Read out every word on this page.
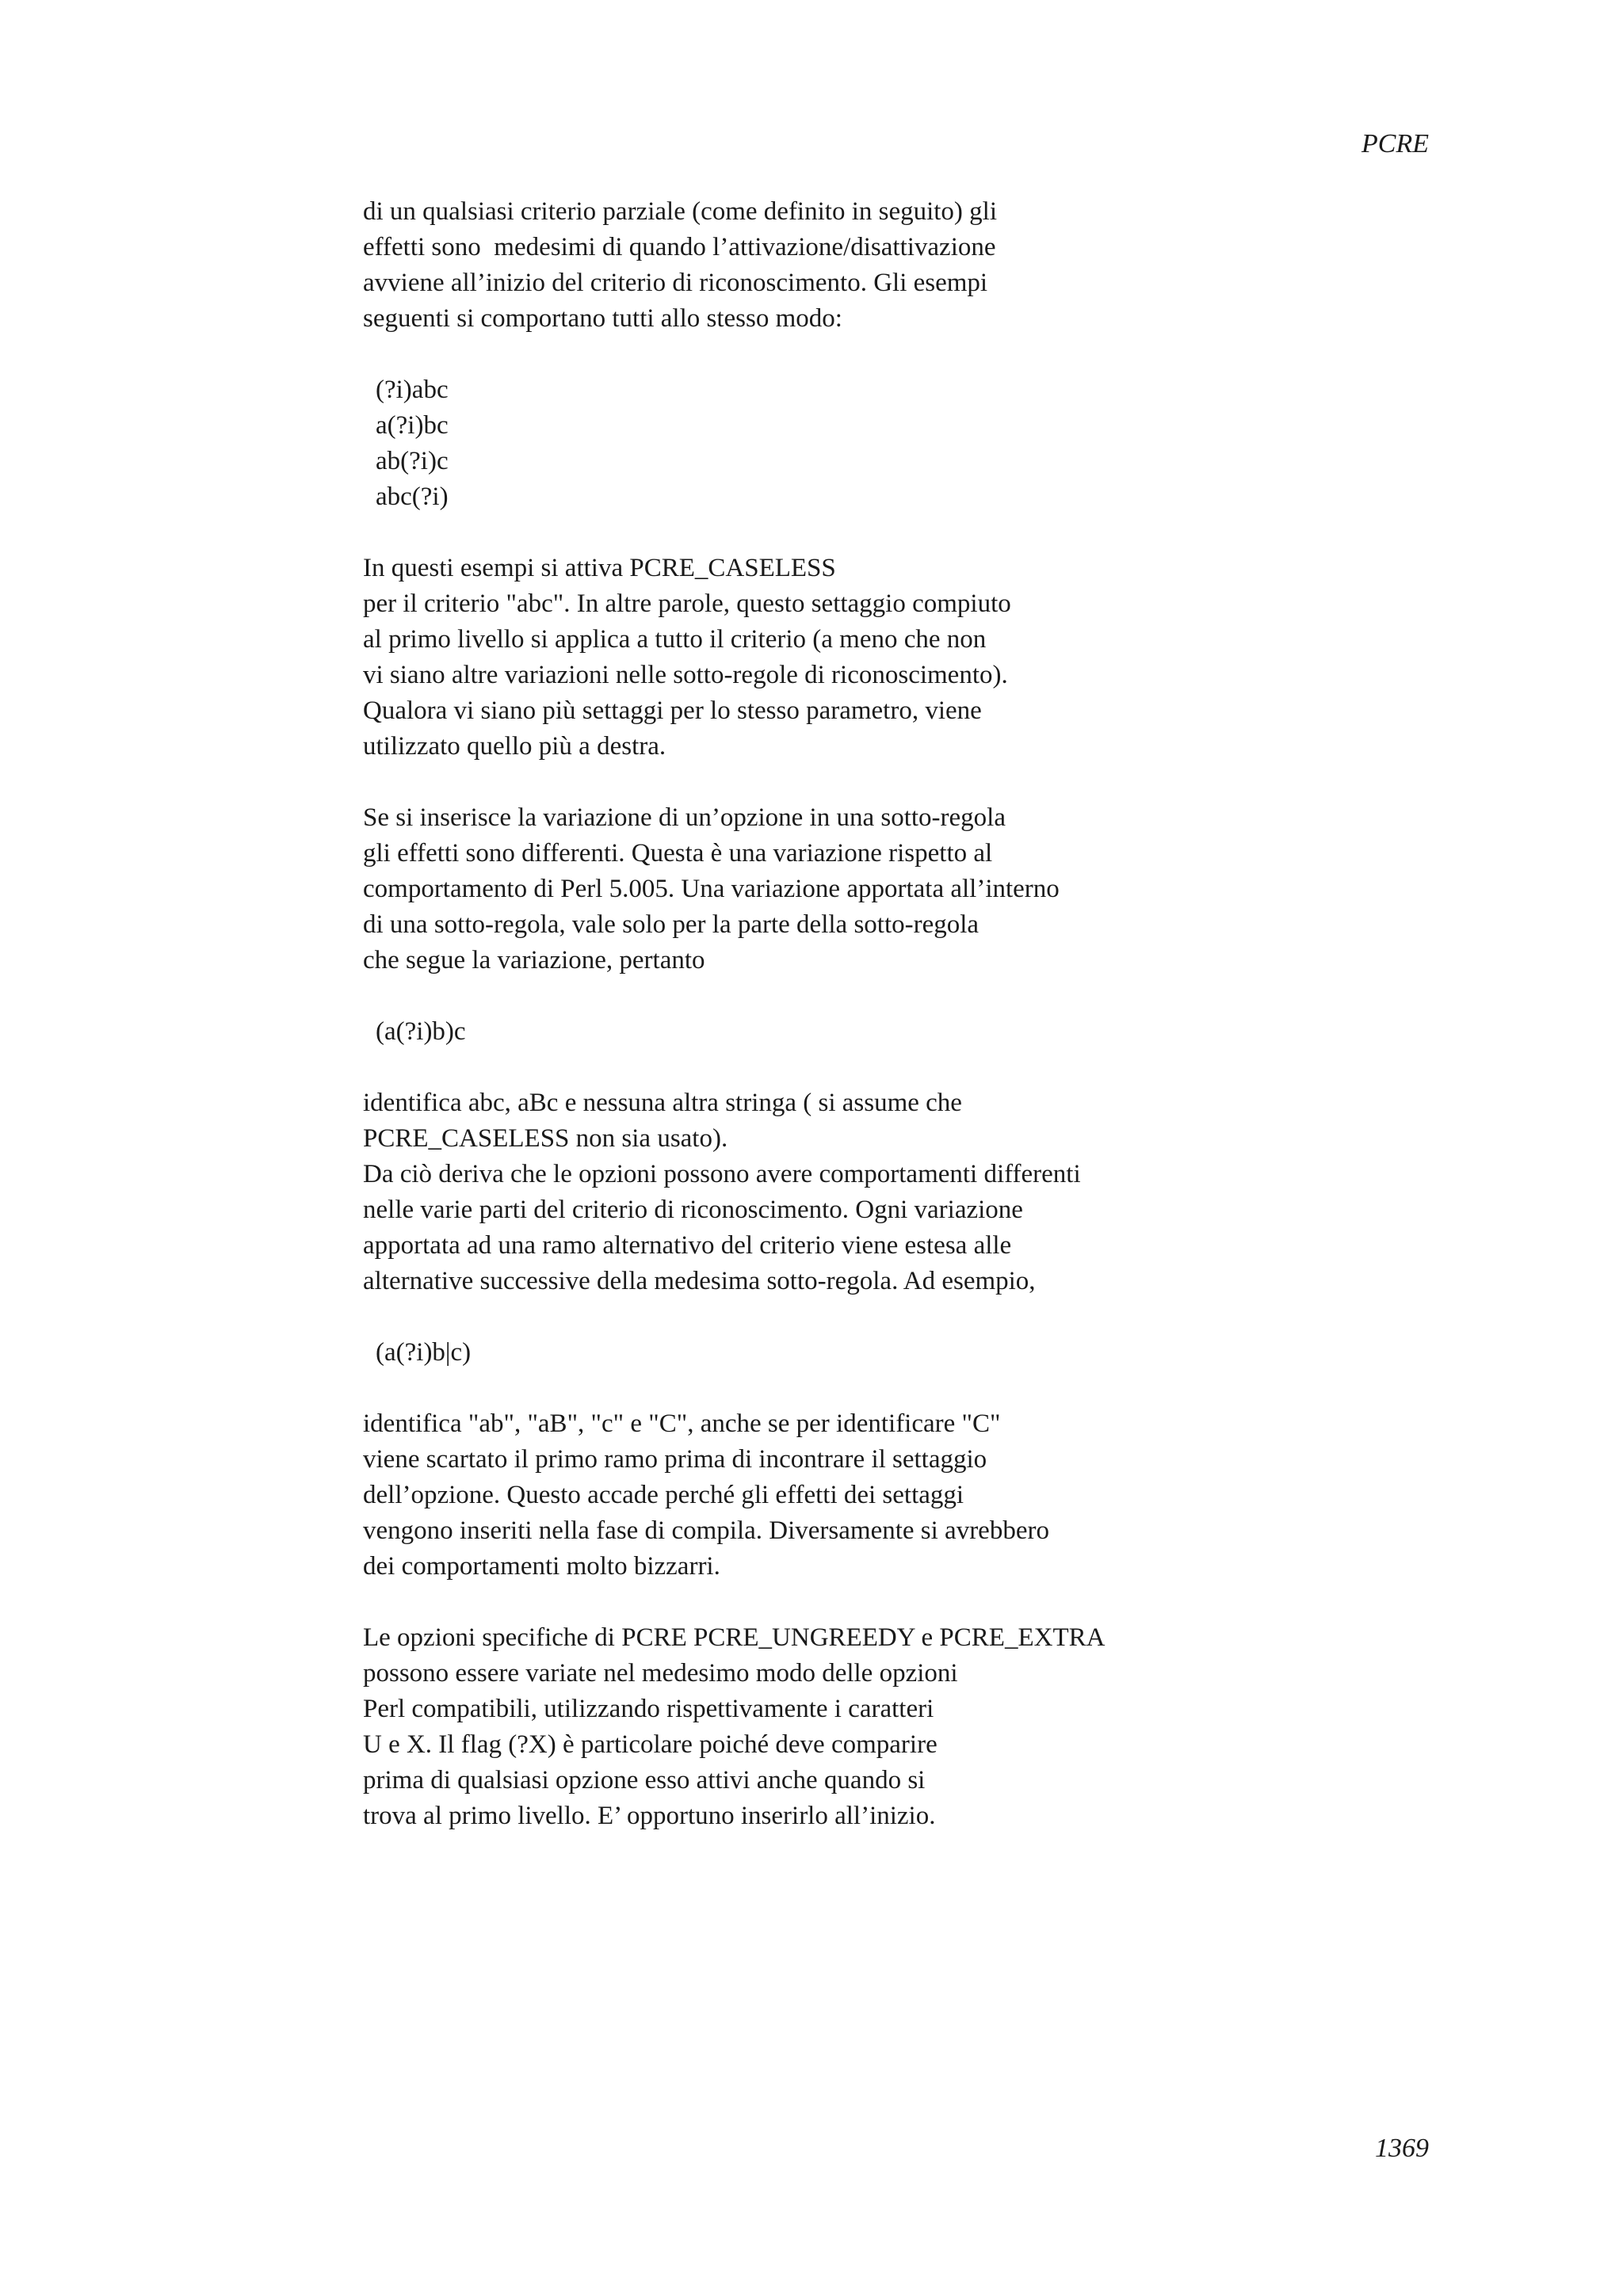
PCRE

di un qualsiasi criterio parziale (come definito in seguito) gli
effetti sono  medesimi di quando l’attivazione/disattivazione
avviene all’inizio del criterio di riconoscimento. Gli esempi
seguenti si comportano tutti allo stesso modo:

(?i)abc
a(?i)bc
ab(?i)c
abc(?i)

In questi esempi si attiva PCRE_CASELESS
per il criterio "abc". In altre parole, questo settaggio compiuto
al primo livello si applica a tutto il criterio (a meno che non
vi siano altre variazioni nelle sotto-regole di riconoscimento).
Qualora vi siano più settaggi per lo stesso parametro, viene
utilizzato quello più a destra.

Se si inserisce la variazione di un’opzione in una sotto-regola
gli effetti sono differenti. Questa è una variazione rispetto al
comportamento di Perl 5.005. Una variazione apportata all’interno
di una sotto-regola, vale solo per la parte della sotto-regola
che segue la variazione, pertanto

(a(?i)b)c

identifica abc, aBc e nessuna altra stringa ( si assume che
PCRE_CASELESS non sia usato).
Da ciò deriva che le opzioni possono avere comportamenti differenti
nelle varie parti del criterio di riconoscimento. Ogni variazione
apportata ad una ramo alternativo del criterio viene estesa alle
alternative successive della medesima sotto-regola. Ad esempio,

(a(?i)b|c)

identifica "ab", "aB", "c" e "C", anche se per identificare "C"
viene scartato il primo ramo prima di incontrare il settaggio
dell’opzione. Questo accade perché gli effetti dei settaggi
vengono inseriti nella fase di compila. Diversamente si avrebbero
dei comportamenti molto bizzarri.

Le opzioni specifiche di PCRE PCRE_UNGREEDY e PCRE_EXTRA
possono essere variate nel medesimo modo delle opzioni
Perl compatibili, utilizzando rispettivamente i caratteri
U e X. Il flag (?X) è particolare poiché deve comparire
prima di qualsiasi opzione esso attivi anche quando si
trova al primo livello. E’ opportuno inserirlo all’inizio.

1369
